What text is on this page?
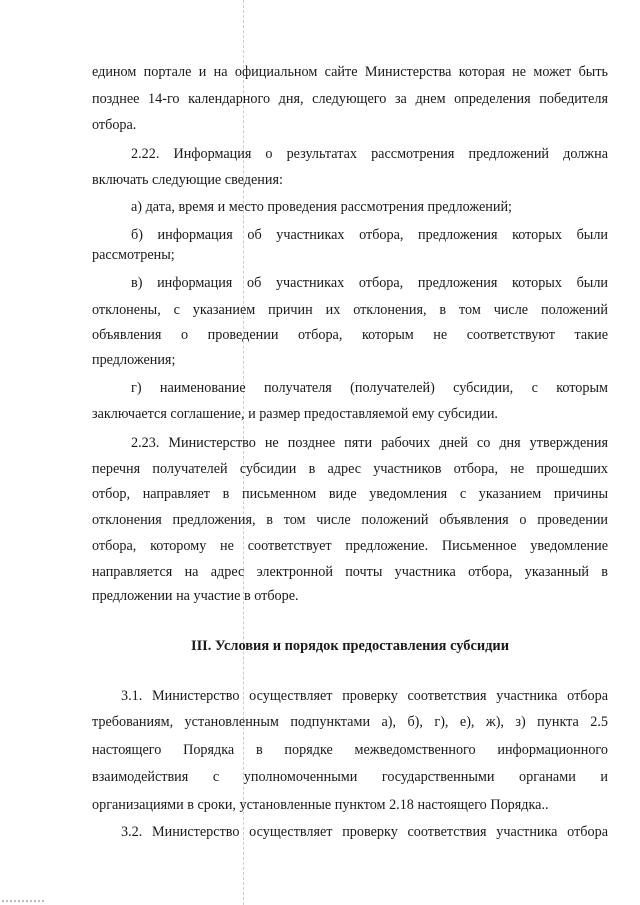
едином портале и на официальном сайте Министерства которая не может быть
позднее 14-го календарного дня, следующего за днем определения победителя
отбора.
2.22. Информация о результатах рассмотрения предложений должна
включать следующие сведения:
а) дата, время и место проведения рассмотрения предложений;
б) информация об участниках отбора, предложения которых были
рассмотрены;
в) информация об участниках отбора, предложения которых были
отклонены, с указанием причин их отклонения, в том числе положений
объявления о проведении отбора, которым не соответствуют такие
предложения;
г) наименование получателя (получателей) субсидии, с которым
заключается соглашение, и размер предоставляемой ему субсидии.
2.23. Министерство не позднее пяти рабочих дней со дня утверждения
перечня получателей субсидии в адрес участников отбора, не прошедших
отбор, направляет в письменном виде уведомления с указанием причины
отклонения предложения, в том числе положений объявления о проведении
отбора, которому не соответствует предложение. Письменное уведомление
направляется на адрес электронной почты участника отбора, указанный в
предложении на участие в отборе.
III. Условия и порядок предоставления субсидии
3.1. Министерство осуществляет проверку соответствия участника отбора
требованиям, установленным подпунктами а), б), г), е), ж), з) пункта 2.5
настоящего Порядка в порядке межведомственного информационного
взаимодействия с уполномоченными государственными органами и
организациями в сроки, установленные пунктом 2.18 настоящего Порядка..
3.2. Министерство осуществляет проверку соответствия участника отбора
